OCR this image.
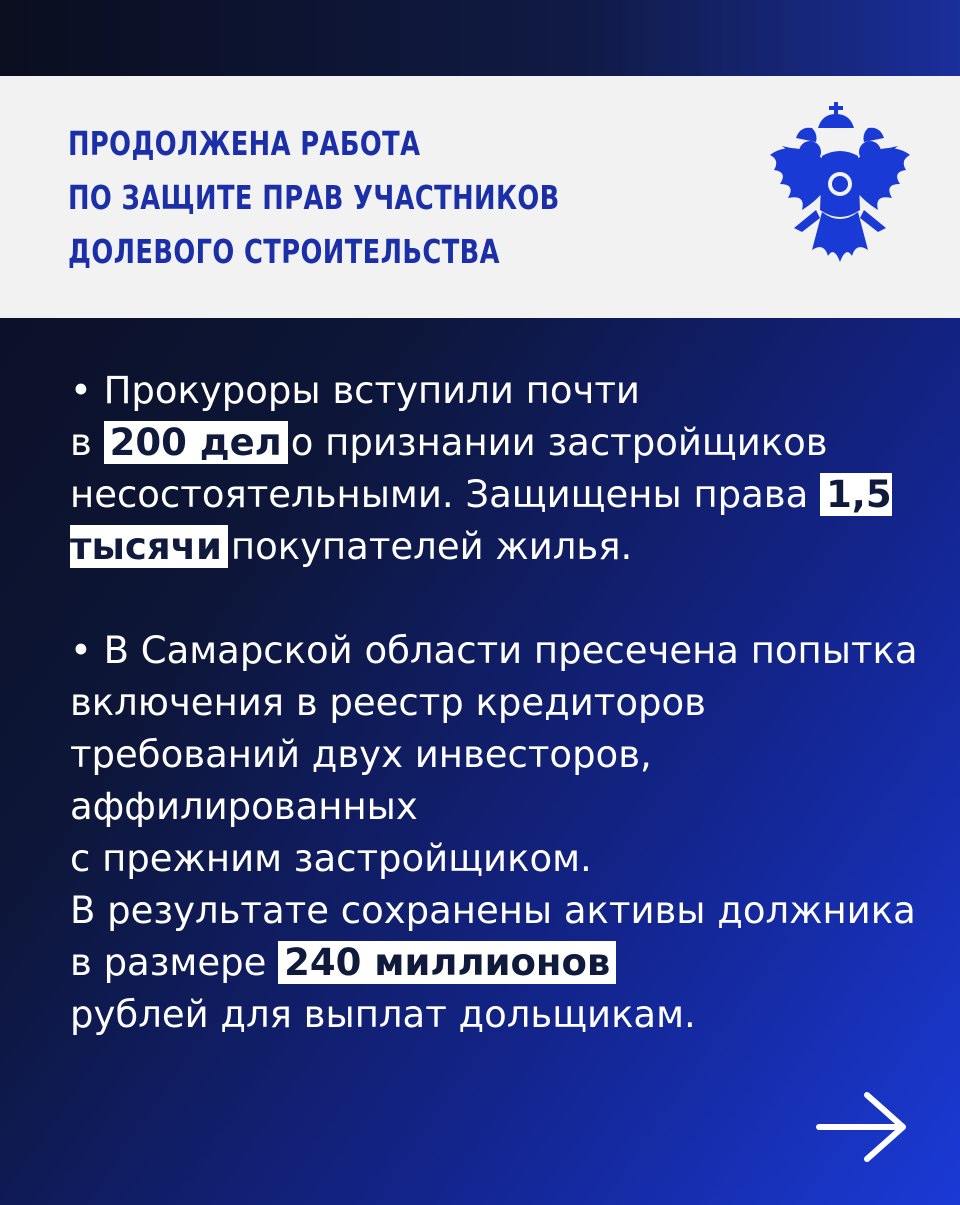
ПРОДОЛЖЕНА РАБОТА
ПО ЗАЩИТЕ ПРАВ УЧАСТНИКОВ
ДОЛЕВОГО СТРОИТЕЛЬСТВА

• Прокуроры вступили почти
в 200 дел о признании застройщиков несостоятельными. Защищены права 1,5 тысячи покупателей жилья.

• В Самарской области пресечена попытка включения в реестр кредиторов требований двух инвесторов, аффилированных
с прежним застройщиком.
В результате сохранены активы должника в размере 240 миллионов
рублей для выплат дольщикам.
